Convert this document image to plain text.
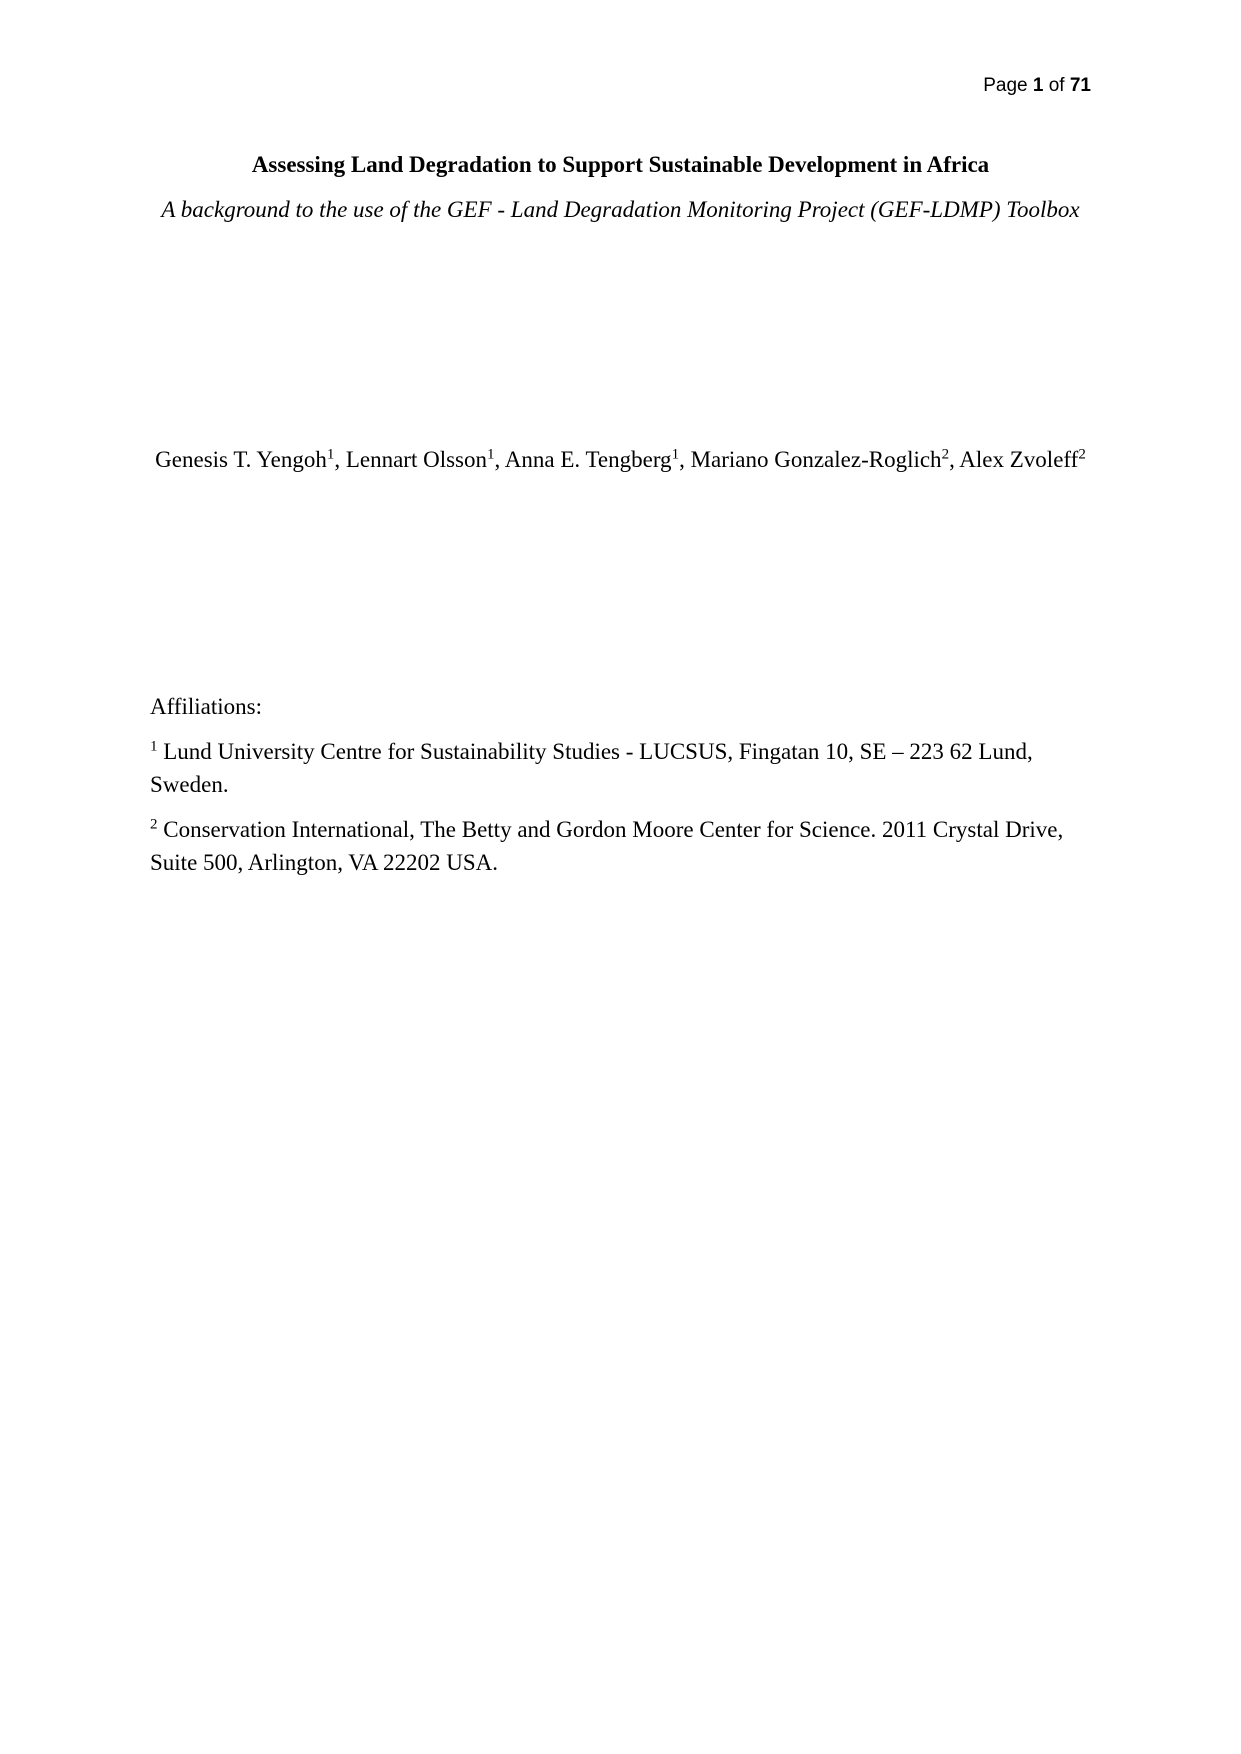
Page 1 of 71
Assessing Land Degradation to Support Sustainable Development in Africa

A background to the use of the GEF - Land Degradation Monitoring Project (GEF-LDMP) Toolbox

Genesis T. Yengoh$^1$, Lennart Olsson$^1$, Anna E. Tengberg$^1$, Mariano Gonzalez-Roglich$^2$, Alex Zvoleff$^2$

Affiliations:

$^1$ Lund University Centre for Sustainability Studies - LUCSUS, Fingatan 10, SE – 223 62 Lund, Sweden.

$^2$ Conservation International, The Betty and Gordon Moore Center for Science. 2011 Crystal Drive, Suite 500, Arlington, VA 22202 USA.
